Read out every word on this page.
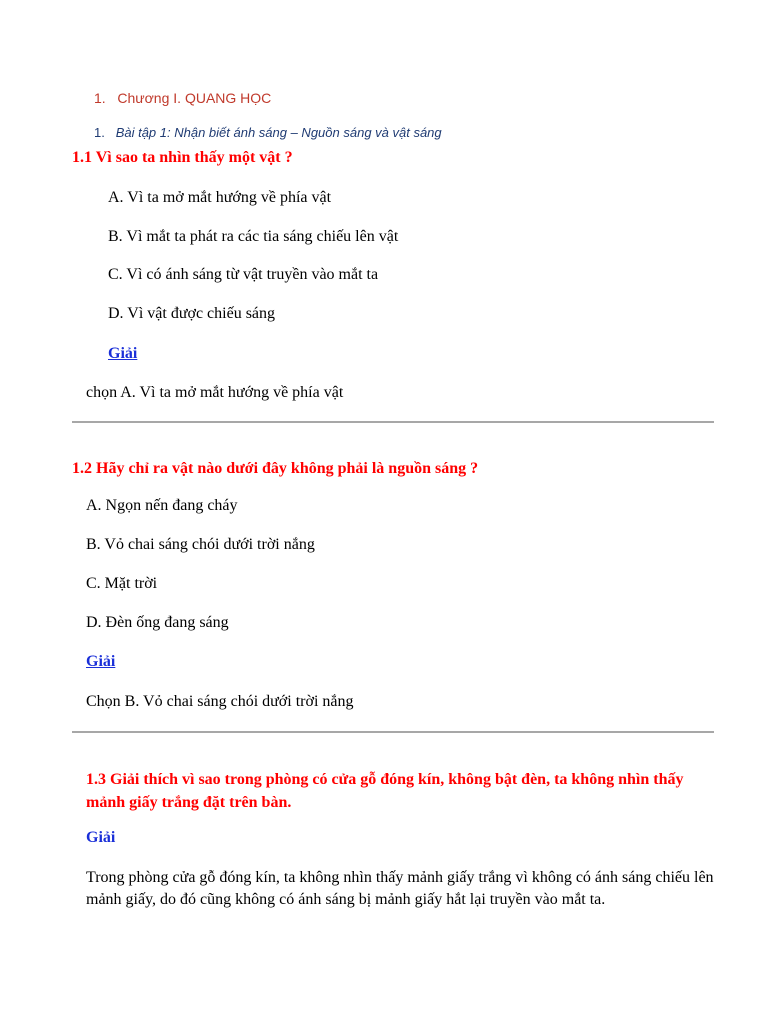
1. Chương I. QUANG HỌC
1. Bài tập 1: Nhận biết ánh sáng – Nguồn sáng và vật sáng
1.1 Vì sao ta nhìn thấy một vật ?
A. Vì ta mở mắt hướng về phía vật
B. Vì mắt ta phát ra các tia sáng chiếu lên vật
C. Vì có ánh sáng từ vật truyền vào mắt ta
D. Vì vật được chiếu sáng
Giải
chọn A. Vì ta mở mắt hướng về phía vật
1.2 Hãy chỉ ra vật nào dưới đây không phải là nguồn sáng ?
A. Ngọn nến đang cháy
B. Vỏ chai sáng chói dưới trời nắng
C. Mặt trời
D. Đèn ống đang sáng
Giải
Chọn B. Vỏ chai sáng chói dưới trời nắng
1.3 Giải thích vì sao trong phòng có cửa gỗ đóng kín, không bật đèn, ta không nhìn thấy mảnh giấy trắng đặt trên bàn.
Giải
Trong phòng cửa gỗ đóng kín, ta không nhìn thấy mảnh giấy trắng vì không có ánh sáng chiếu lên mảnh giấy, do đó cũng không có ánh sáng bị mảnh giấy hắt lại truyền vào mắt ta.
